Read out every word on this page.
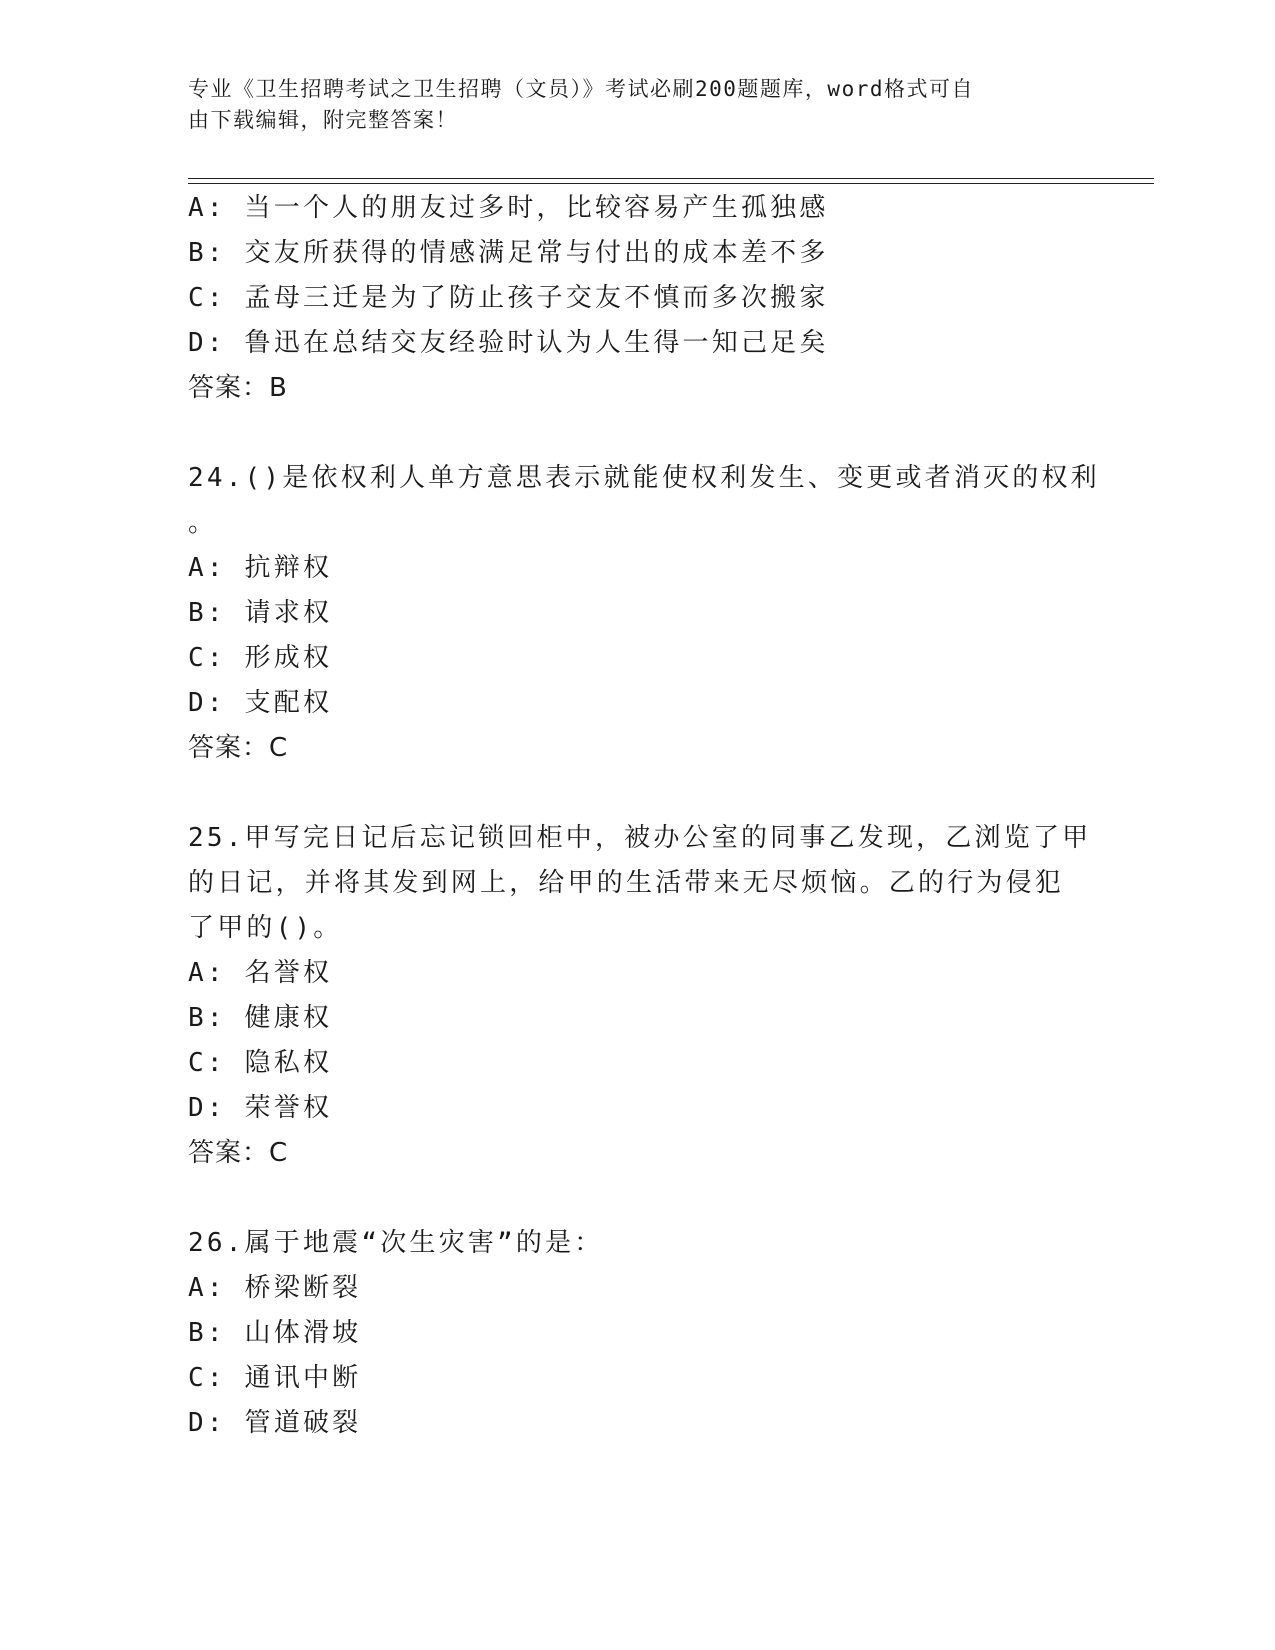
专业《卫生招聘考试之卫生招聘（文员）》考试必刷200题题库，word格式可自
由下载编辑，附完整答案！
A: 当一个人的朋友过多时，比较容易产生孤独感
B: 交友所获得的情感满足常与付出的成本差不多
C: 孟母三迁是为了防止孩子交友不慎而多次搬家
D: 鲁迅在总结交友经验时认为人生得一知己足矣
答案：B
24.()是依权利人单方意思表示就能使权利发生、变更或者消灭的权利
。
A: 抗辩权
B: 请求权
C: 形成权
D: 支配权
答案：C
25.甲写完日记后忘记锁回柜中，被办公室的同事乙发现，乙浏览了甲
的日记，并将其发到网上，给甲的生活带来无尽烦恼。乙的行为侵犯
了甲的()。
A: 名誉权
B: 健康权
C: 隐私权
D: 荣誉权
答案：C
26.属于地震“次生灾害”的是：
A: 桥梁断裂
B: 山体滑坡
C: 通讯中断
D: 管道破裂
